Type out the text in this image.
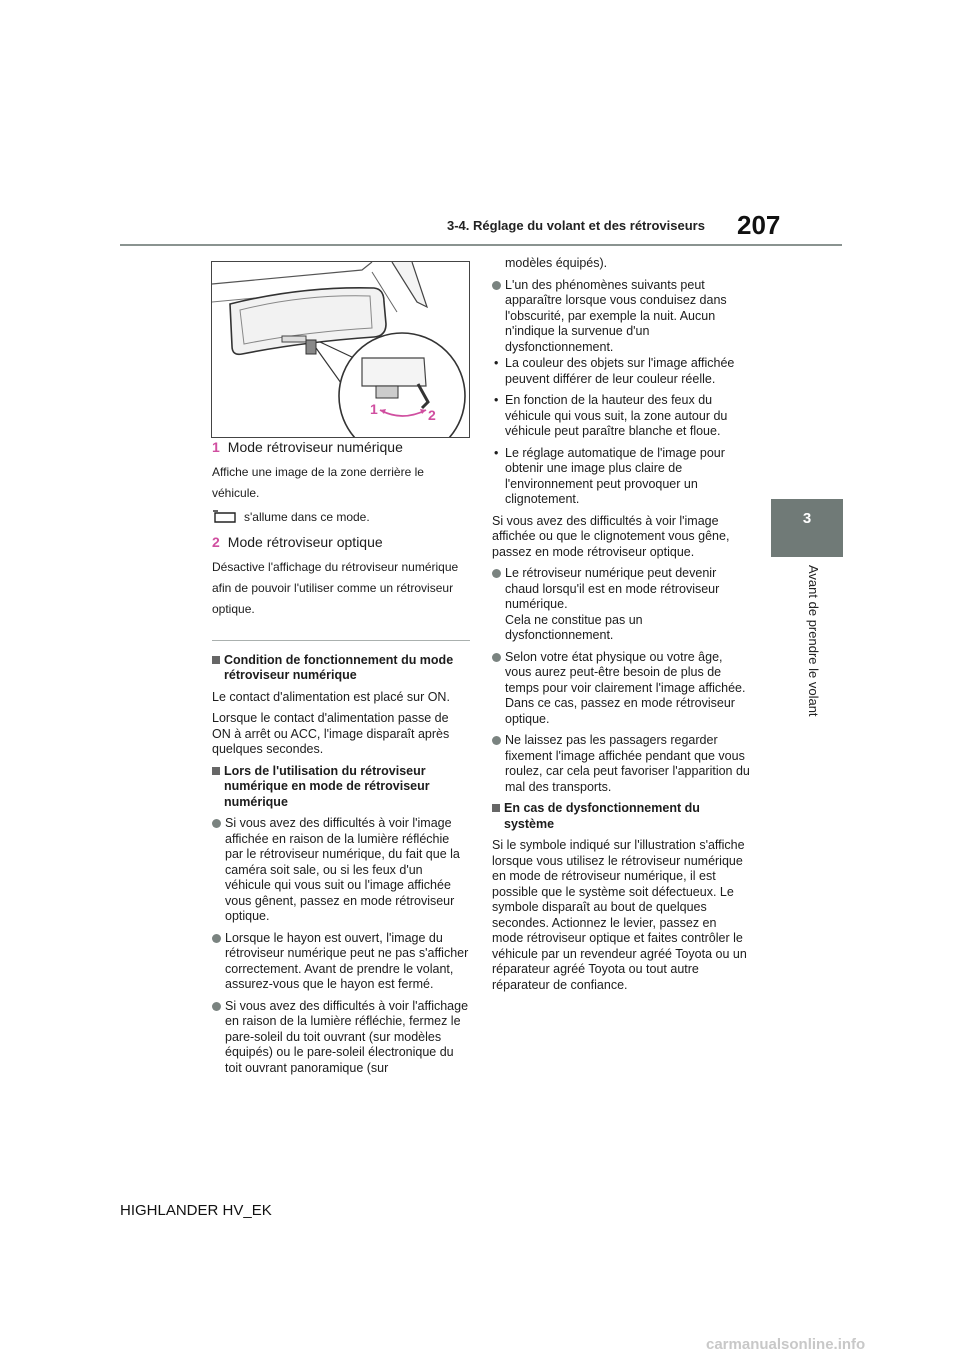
3-4. Réglage du volant et des rétroviseurs 207
3
Avant de prendre le volant
1	2
1 Mode rétroviseur numérique
Affiche une image de la zone derrière le véhicule.
s'allume dans ce mode.
2 Mode rétroviseur optique
Désactive l'affichage du rétroviseur numérique afin de pouvoir l'utiliser comme un rétroviseur optique.

Condition de fonctionnement du mode rétroviseur numérique

Le contact d'alimentation est placé sur ON.

Lorsque le contact d'alimentation passe de ON à arrêt ou ACC, l'image disparaît après quelques secondes.

Lors de l'utilisation du rétroviseur numérique en mode de rétroviseur numérique

Si vous avez des difficultés à voir l'image affichée en raison de la lumière réfléchie par le rétroviseur numérique, du fait que la caméra soit sale, ou si les feux d'un véhicule qui vous suit ou l'image affichée vous gênent, passez en mode rétroviseur optique.

Lorsque le hayon est ouvert, l'image du rétroviseur numérique peut ne pas s'afficher correctement. Avant de prendre le volant, assurez-vous que le hayon est fermé.

Si vous avez des difficultés à voir l'affichage en raison de la lumière réfléchie, fermez le pare-soleil du toit ouvrant (sur modèles équipés) ou le pare-soleil électronique du toit ouvrant panoramique (sur

modèles équipés).

L'un des phénomènes suivants peut apparaître lorsque vous conduisez dans l'obscurité, par exemple la nuit. Aucun n'indique la survenue d'un dysfonctionnement.

• La couleur des objets sur l'image affichée peuvent différer de leur couleur réelle.

• En fonction de la hauteur des feux du véhicule qui vous suit, la zone autour du véhicule peut paraître blanche et floue.

• Le réglage automatique de l'image pour obtenir une image plus claire de l'environnement peut provoquer un clignotement.

Si vous avez des difficultés à voir l'image affichée ou que le clignotement vous gêne, passez en mode rétroviseur optique.

Le rétroviseur numérique peut devenir chaud lorsqu'il est en mode rétroviseur numérique.
Cela ne constitue pas un dysfonctionnement.

Selon votre état physique ou votre âge, vous aurez peut-être besoin de plus de temps pour voir clairement l'image affichée. Dans ce cas, passez en mode rétroviseur optique.

Ne laissez pas les passagers regarder fixement l'image affichée pendant que vous roulez, car cela peut favoriser l'apparition du mal des transports.

En cas de dysfonctionnement du système

Si le symbole indiqué sur l'illustration s'affiche lorsque vous utilisez le rétroviseur numérique en mode de rétroviseur numérique, il est possible que le système soit défectueux. Le symbole disparaît au bout de quelques secondes. Actionnez le levier, passez en mode rétroviseur optique et faites contrôler le véhicule par un revendeur agréé Toyota ou un réparateur agréé Toyota ou tout autre réparateur de confiance.

HIGHLANDER HV_EK
carmanualsonline.info
